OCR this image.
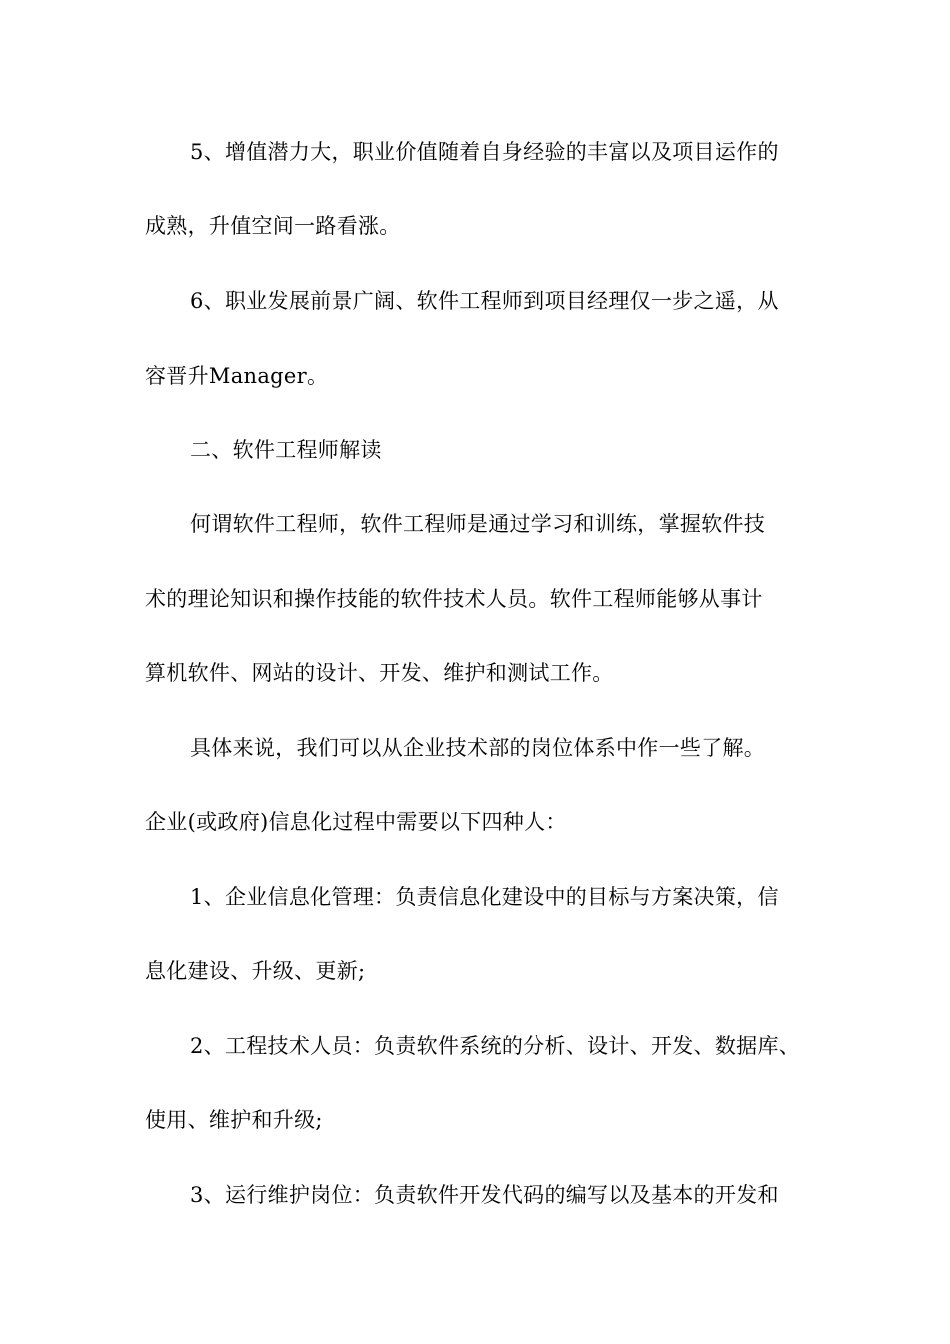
5、增值潜力大，职业价值随着自身经验的丰富以及项目运作的
成熟，升值空间一路看涨。
6、职业发展前景广阔、软件工程师到项目经理仅一步之遥，从
容晋升Manager。
二、软件工程师解读
何谓软件工程师，软件工程师是通过学习和训练，掌握软件技
术的理论知识和操作技能的软件技术人员。软件工程师能够从事计
算机软件、网站的设计、开发、维护和测试工作。
具体来说，我们可以从企业技术部的岗位体系中作一些了解。
企业(或政府)信息化过程中需要以下四种人：
1、企业信息化管理：负责信息化建设中的目标与方案决策，信
息化建设、升级、更新;
2、工程技术人员：负责软件系统的分析、设计、开发、数据库、
使用、维护和升级;
3、运行维护岗位：负责软件开发代码的编写以及基本的开发和
